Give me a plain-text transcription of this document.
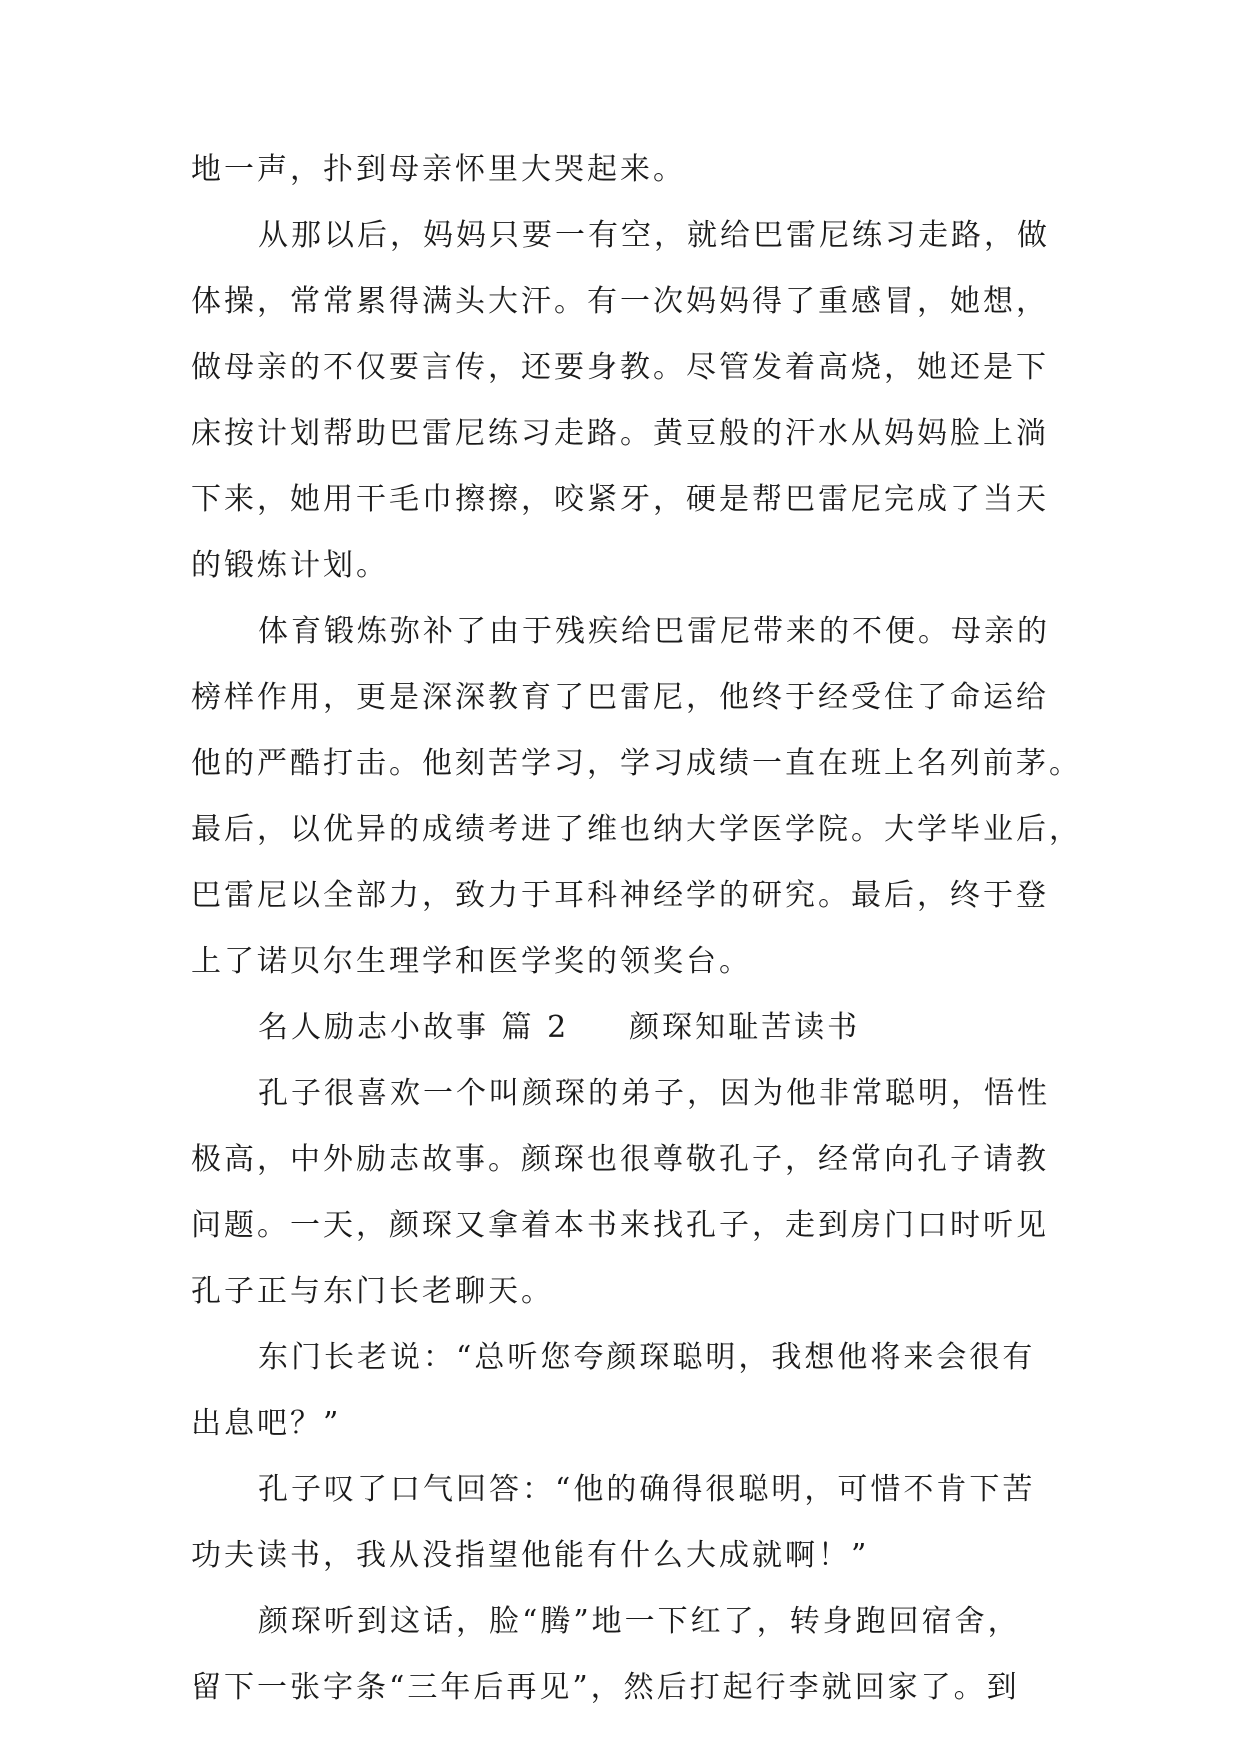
地一声，扑到母亲怀里大哭起来。
从那以后，妈妈只要一有空，就给巴雷尼练习走路，做
体操，常常累得满头大汗。有一次妈妈得了重感冒，她想，
做母亲的不仅要言传，还要身教。尽管发着高烧，她还是下
床按计划帮助巴雷尼练习走路。黄豆般的汗水从妈妈脸上淌
下来，她用干毛巾擦擦，咬紧牙，硬是帮巴雷尼完成了当天
的锻炼计划。
体育锻炼弥补了由于残疾给巴雷尼带来的不便。母亲的
榜样作用，更是深深教育了巴雷尼，他终于经受住了命运给
他的严酷打击。他刻苦学习，学习成绩一直在班上名列前茅。
最后，以优异的成绩考进了维也纳大学医学院。大学毕业后，
巴雷尼以全部力，致力于耳科神经学的研究。最后，终于登
上了诺贝尔生理学和医学奖的领奖台。
名人励志小故事 篇 2 颜琛知耻苦读书
孔子很喜欢一个叫颜琛的弟子，因为他非常聪明，悟性
极高，中外励志故事。颜琛也很尊敬孔子，经常向孔子请教
问题。一天，颜琛又拿着本书来找孔子，走到房门口时听见
孔子正与东门长老聊天。
东门长老说：“总听您夸颜琛聪明，我想他将来会很有
出息吧？”
孔子叹了口气回答：“他的确得很聪明，可惜不肯下苦
功夫读书，我从没指望他能有什么大成就啊！”
颜琛听到这话，脸“腾”地一下红了，转身跑回宿舍，
留下一张字条“三年后再见”，然后打起行李就回家了。到
